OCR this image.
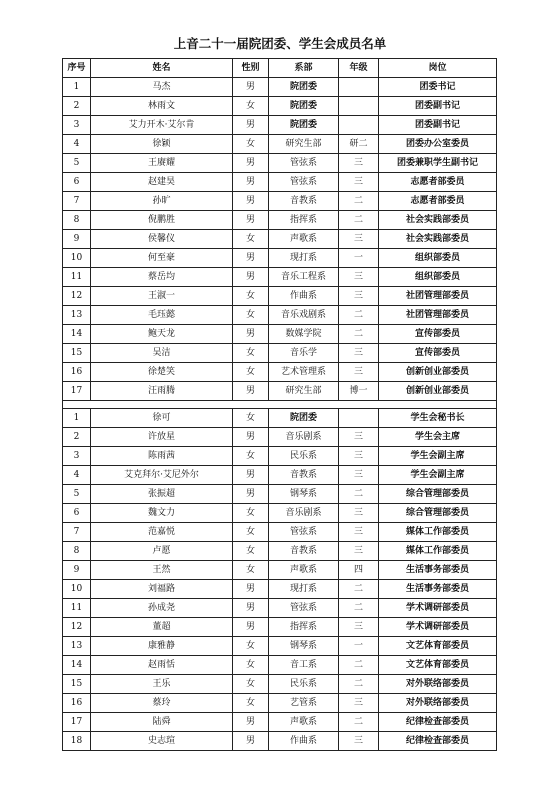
上音二十一届院团委、学生会成员名单
序号	姓名	性别	系部	年级	岗位
1	马杰	男	院团委		团委书记
2	林雨文	女	院团委		团委副书记
3	艾力开木·艾尔肯	男	院团委		团委副书记
4	徐颖	女	研究生部	研二	团委办公室委员
5	王赓耀	男	管弦系	三	团委兼职学生副书记
6	赵建昊	男	管弦系	三	志愿者部委员
7	孙旷	男	音教系	二	志愿者部委员
8	倪鹏胜	男	指挥系	二	社会实践部委员
9	侯馨仪	女	声歌系	三	社会实践部委员
10	何至豪	男	现打系	一	组织部委员
11	蔡岳均	男	音乐工程系	三	组织部委员
12	王淑一	女	作曲系	三	社团管理部委员
13	毛珏懿	女	音乐戏剧系	二	社团管理部委员
14	鲍天龙	男	数媒学院	二	宣传部委员
15	吴洁	女	音乐学	三	宣传部委员
16	徐楚笑	女	艺术管理系	三	创新创业部委员
17	汪雨腾	男	研究生部	博一	创新创业部委员

1	徐可	女	院团委		学生会秘书长
2	许放星	男	音乐剧系	三	学生会主席
3	陈雨茜	女	民乐系	三	学生会副主席
4	艾克拜尔·艾尼外尔	男	音教系	三	学生会副主席
5	张振超	男	钢琴系	二	综合管理部委员
6	魏文力	女	音乐剧系	三	综合管理部委员
7	范嘉悦	女	管弦系	三	媒体工作部委员
8	卢愿	女	音教系	三	媒体工作部委员
9	王然	女	声歌系	四	生活事务部委员
10	刘福路	男	现打系	二	生活事务部委员
11	孙成尧	男	管弦系	二	学术调研部委员
12	董超	男	指挥系	三	学术调研部委员
13	康雅静	女	钢琴系	一	文艺体育部委员
14	赵雨恬	女	音工系	二	文艺体育部委员
15	王乐	女	民乐系	二	对外联络部委员
16	蔡玲	女	艺管系	三	对外联络部委员
17	陆舜	男	声歌系	二	纪律检查部委员
18	史志瑄	男	作曲系	三	纪律检查部委员
